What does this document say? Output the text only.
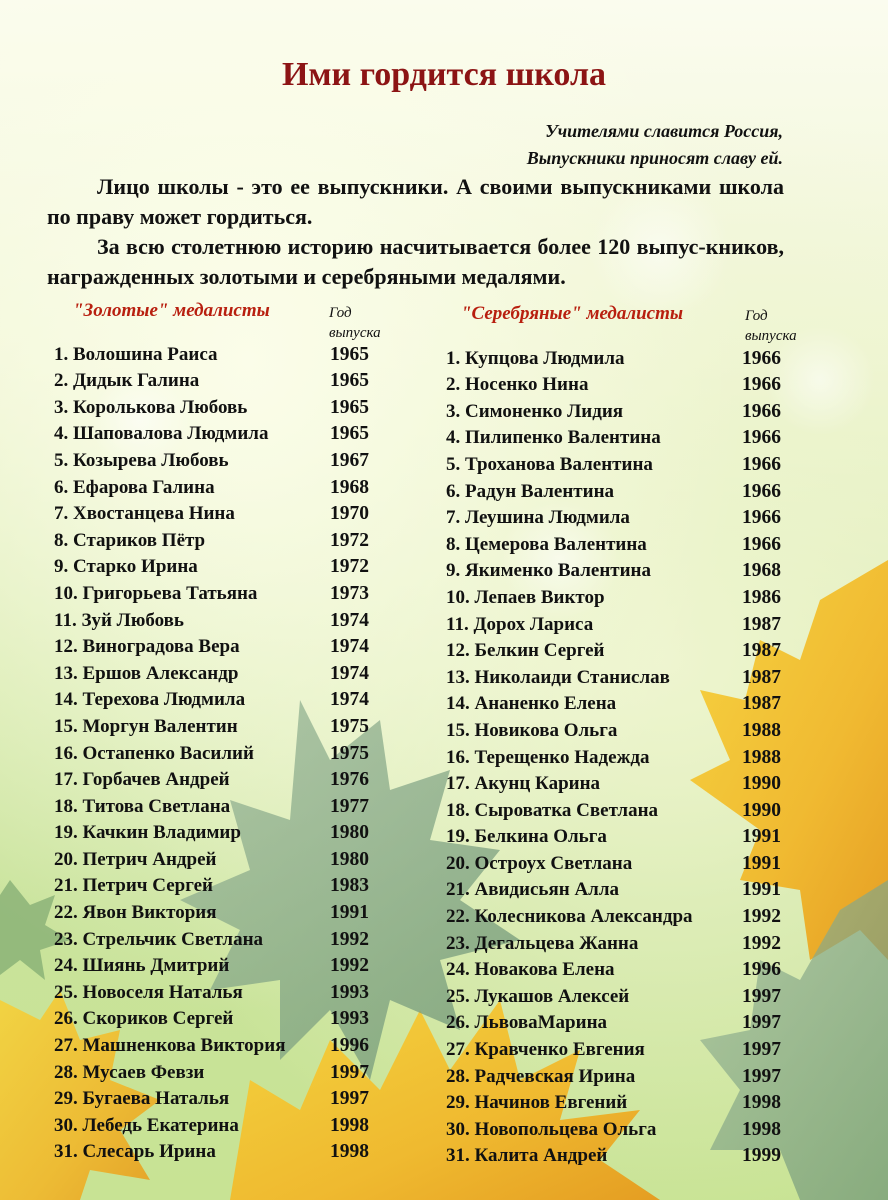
Ими гордится школа
Учителями славится Россия,
Выпускники приносят славу ей.

Лицо школы - это ее выпускники. А своими выпускниками школа по праву может гордиться.

За всю столетнюю историю насчитывается более 120 выпус-кников, награжденных золотыми и серебряными медалями.

"Золотые" медалисты	Год
выпуска
1. Волошина Раиса	1965
2. Дидык Галина	1965
3. Королькова Любовь	1965
4. Шаповалова Людмила	1965
5. Козырева Любовь	1967
6. Ефарова Галина	1968
7. Хвостанцева Нина	1970
8. Стариков Пётр	1972
9. Старко Ирина	1972
10. Григорьева Татьяна	1973
11. Зуй Любовь	1974
12. Виноградова Вера	1974
13. Ершов Александр	1974
14. Терехова Людмила	1974
15. Моргун Валентин	1975
16. Остапенко Василий	1975
17. Горбачев Андрей	1976
18. Титова Светлана	1977
19. Качкин Владимир	1980
20. Петрич Андрей	1980
21. Петрич Сергей	1983
22. Явон Виктория	1991
23. Стрельчик Светлана	1992
24. Шиянь Дмитрий	1992
25. Новоселя Наталья	1993
26. Скориков Сергей	1993
27. Машненкова Виктория	1996
28. Мусаев Февзи	1997
29. Бугаева Наталья	1997
30. Лебедь Екатерина	1998
31. Слесарь Ирина	1998
"Серебряные" медалисты	Год
выпуска
1. Купцова Людмила	1966
2. Носенко Нина	1966
3. Симоненко Лидия	1966
4. Пилипенко Валентина	1966
5. Троханова Валентина	1966
6. Радун Валентина	1966
7. Леушина Людмила	1966
8. Цемерова Валентина	1966
9. Якименко Валентина	1968
10. Лепаев Виктор	1986
11. Дорох Лариса	1987
12. Белкин Сергей	1987
13. Николаиди Станислав	1987
14. Ананенко Елена	1987
15. Новикова Ольга	1988
16. Терещенко Надежда	1988
17. Акунц Карина	1990
18. Сыроватка Светлана	1990
19. Белкина Ольга	1991
20. Остроух Светлана	1991
21. Авидисьян Алла	1991
22. Колесникова Александра	1992
23. Дегальцева Жанна	1992
24. Новакова Елена	1996
25. Лукашов Алексей	1997
26. ЛьвоваМарина	1997
27. Кравченко Евгения	1997
28. Радчевская Ирина	1997
29. Начинов Евгений	1998
30. Новопольцева Ольга	1998
31. Калита Андрей	1999
